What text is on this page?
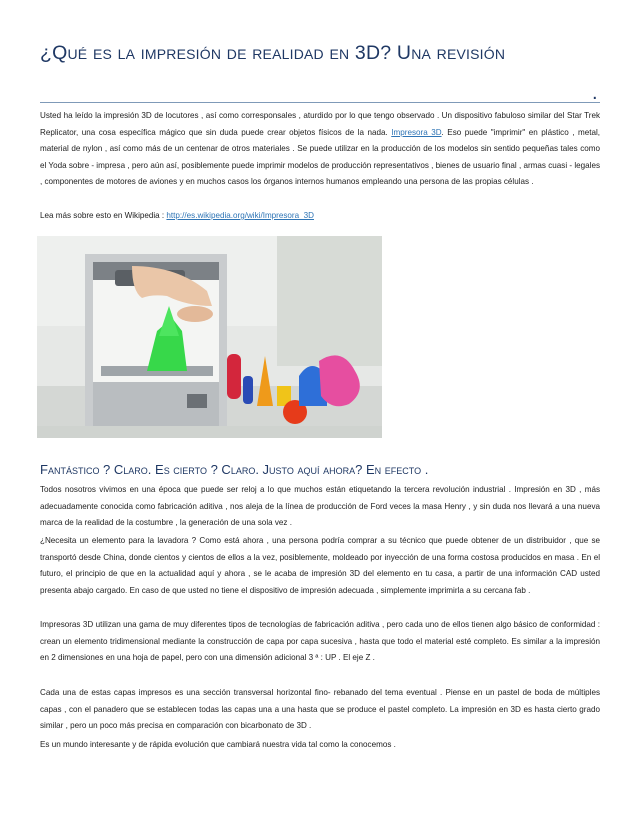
¿Qué es la impresión de realidad en 3D? Una revisión
.

Usted ha leído la impresión 3D de locutores , así como corresponsales , aturdido por lo que tengo observado . Un dispositivo fabuloso similar del Star Trek Replicator, una cosa específica mágico que sin duda puede crear objetos físicos de la nada. Impresora 3D. Eso puede "imprimir" en plástico , metal, material de nylon , así como más de un centenar de otros materiales . Se puede utilizar en la producción de los modelos sin sentido pequeñas tales como el Yoda sobre - impresa , pero aún así, posiblemente puede imprimir modelos de producción representativos , bienes de usuario final , armas cuasi - legales , componentes de motores de aviones y en muchos casos los órganos internos humanos empleando una persona de las propias células .

Lea más sobre esto en Wikipedia : http://es.wikipedia.org/wiki/Impresora_3D

Fantástico ? Claro. Es cierto ? Claro. Justo aquí ahora? En efecto .

Todos nosotros vivimos en una época que puede ser reloj a lo que muchos están etiquetando la tercera revolución industrial . Impresión en 3D , más adecuadamente conocida como fabricación aditiva , nos aleja de la línea de producción de Ford veces la masa Henry , y sin duda nos llevará a una nueva marca de la realidad de la costumbre , la generación de una sola vez .

¿Necesita un elemento para la lavadora ? Como está ahora , una persona podría comprar a su técnico que puede obtener de un distribuidor , que se transportó desde China, donde cientos y cientos de ellos a la vez, posiblemente, moldeado por inyección de una forma costosa producidos en masa . En el futuro, el principio de que en la actualidad aquí y ahora , se le acaba de impresión 3D del elemento en tu casa, a partir de una información CAD usted presenta abajo cargado. En caso de que usted no tiene el dispositivo de impresión adecuada , simplemente imprimirla a su cercana fab .

Impresoras 3D utilizan una gama de muy diferentes tipos de tecnologías de fabricación aditiva , pero cada uno de ellos tienen algo básico de conformidad : crean un elemento tridimensional mediante la construcción de capa por capa sucesiva , hasta que todo el material esté completo. Es similar a la impresión en 2 dimensiones en una hoja de papel, pero con una dimensión adicional 3 ª : UP . El eje Z .

Cada una de estas capas impresos es una sección transversal horizontal fino- rebanado del tema eventual . Piense en un pastel de boda de múltiples capas , con el panadero que se establecen todas las capas una a una hasta que se produce el pastel completo. La impresión en 3D es hasta cierto grado similar , pero un poco más precisa en comparación con bicarbonato de 3D .

Es un mundo interesante y de rápida evolución que cambiará nuestra vida tal como la conocemos .
